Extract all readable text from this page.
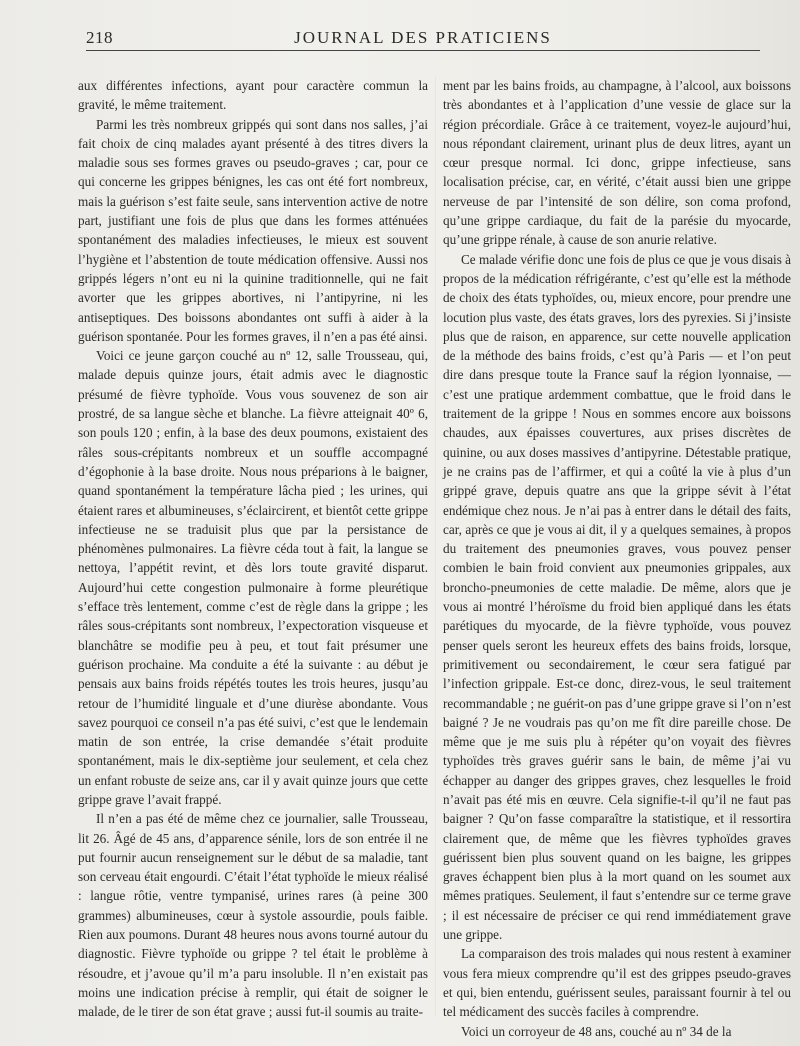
218	JOURNAL DES PRATICIENS

aux différentes infections, ayant pour caractère commun la gravité, le même traitement.

Parmi les très nombreux grippés qui sont dans nos salles, j’ai fait choix de cinq malades ayant présenté à des titres divers la maladie sous ses formes graves ou pseudo-graves ; car, pour ce qui concerne les grippes bénignes, les cas ont été fort nombreux, mais la guérison s’est faite seule, sans intervention active de notre part, justifiant une fois de plus que dans les formes atténuées spontanément des maladies infectieuses, le mieux est souvent l’hygiène et l’abstention de toute médication offensive. Aussi nos grippés légers n’ont eu ni la quinine traditionnelle, qui ne fait avorter que les grippes abortives, ni l’antipyrine, ni les antiseptiques. Des boissons abondantes ont suffi à aider à la guérison spontanée. Pour les formes graves, il n’en a pas été ainsi.

Voici ce jeune garçon couché au nº 12, salle Trousseau, qui, malade depuis quinze jours, était admis avec le diagnostic présumé de fièvre typhoïde. Vous vous souvenez de son air prostré, de sa langue sèche et blanche. La fièvre atteignait 40º 6, son pouls 120 ; enfin, à la base des deux poumons, existaient des râles sous-crépitants nombreux et un souffle accompagné d’égophonie à la base droite. Nous nous préparions à le baigner, quand spontanément la température lâcha pied ; les urines, qui étaient rares et albumineuses, s’éclaircirent, et bientôt cette grippe infectieuse ne se traduisit plus que par la persistance de phénomènes pulmonaires. La fièvre céda tout à fait, la langue se nettoya, l’appétit revint, et dès lors toute gravité disparut. Aujourd’hui cette congestion pulmonaire à forme pleurétique s’efface très lentement, comme c’est de règle dans la grippe ; les râles sous-crépitants sont nombreux, l’expectoration visqueuse et blanchâtre se modifie peu à peu, et tout fait présumer une guérison prochaine. Ma conduite a été la suivante : au début je pensais aux bains froids répétés toutes les trois heures, jusqu’au retour de l’humidité linguale et d’une diurèse abondante. Vous savez pourquoi ce conseil n’a pas été suivi, c’est que le lendemain matin de son entrée, la crise demandée s’était produite spontanément, mais le dix-septième jour seulement, et cela chez un enfant robuste de seize ans, car il y avait quinze jours que cette grippe grave l’avait frappé.

Il n’en a pas été de même chez ce journalier, salle Trousseau, lit 26. Âgé de 45 ans, d’apparence sénile, lors de son entrée il ne put fournir aucun renseignement sur le début de sa maladie, tant son cerveau était engourdi. C’était l’état typhoïde le mieux réalisé : langue rôtie, ventre tympanisé, urines rares (à peine 300 grammes) albumineuses, cœur à systole assourdie, pouls faible. Rien aux poumons. Durant 48 heures nous avons tourné autour du diagnostic. Fièvre typhoïde ou grippe ? tel était le problème à résoudre, et j’avoue qu’il m’a paru insoluble. Il n’en existait pas moins une indication précise à remplir, qui était de soigner le malade, de le tirer de son état grave ; aussi fut-il soumis au traite-

ment par les bains froids, au champagne, à l’alcool, aux boissons très abondantes et à l’application d’une vessie de glace sur la région précordiale. Grâce à ce traitement, voyez-le aujourd’hui, nous répondant clairement, urinant plus de deux litres, ayant un cœur presque normal. Ici donc, grippe infectieuse, sans localisation précise, car, en vérité, c’était aussi bien une grippe nerveuse de par l’intensité de son délire, son coma profond, qu’une grippe cardiaque, du fait de la parésie du myocarde, qu’une grippe rénale, à cause de son anurie relative.

Ce malade vérifie donc une fois de plus ce que je vous disais à propos de la médication réfrigérante, c’est qu’elle est la méthode de choix des états typhoïdes, ou, mieux encore, pour prendre une locution plus vaste, des états graves, lors des pyrexies. Si j’insiste plus que de raison, en apparence, sur cette nouvelle application de la méthode des bains froids, c’est qu’à Paris — et l’on peut dire dans presque toute la France sauf la région lyonnaise, — c’est une pratique ardemment combattue, que le froid dans le traitement de la grippe ! Nous en sommes encore aux boissons chaudes, aux épaisses couvertures, aux prises discrètes de quinine, ou aux doses massives d’antipyrine. Détestable pratique, je ne crains pas de l’affirmer, et qui a coûté la vie à plus d’un grippé grave, depuis quatre ans que la grippe sévit à l’état endémique chez nous. Je n’ai pas à entrer dans le détail des faits, car, après ce que je vous ai dit, il y a quelques semaines, à propos du traitement des pneumonies graves, vous pouvez penser combien le bain froid convient aux pneumonies grippales, aux broncho-pneumonies de cette maladie. De même, alors que je vous ai montré l’héroïsme du froid bien appliqué dans les états parétiques du myocarde, de la fièvre typhoïde, vous pouvez penser quels seront les heureux effets des bains froids, lorsque, primitivement ou secondairement, le cœur sera fatigué par l’infection grippale. Est-ce donc, direz-vous, le seul traitement recommandable ; ne guérit-on pas d’une grippe grave si l’on n’est baigné ? Je ne voudrais pas qu’on me fît dire pareille chose. De même que je me suis plu à répéter qu’on voyait des fièvres typhoïdes très graves guérir sans le bain, de même j’ai vu échapper au danger des grippes graves, chez lesquelles le froid n’avait pas été mis en œuvre. Cela signifie-t-il qu’il ne faut pas baigner ? Qu’on fasse comparaître la statistique, et il ressortira clairement que, de même que les fièvres typhoïdes graves guérissent bien plus souvent quand on les baigne, les grippes graves échappent bien plus à la mort quand on les soumet aux mêmes pratiques. Seulement, il faut s’entendre sur ce terme grave ; il est nécessaire de préciser ce qui rend immédiatement grave une grippe.

La comparaison des trois malades qui nous restent à examiner vous fera mieux comprendre qu’il est des grippes pseudo-graves et qui, bien entendu, guérissent seules, paraissant fournir à tel ou tel médicament des succès faciles à comprendre.

Voici un corroyeur de 48 ans, couché au nº 34 de la
